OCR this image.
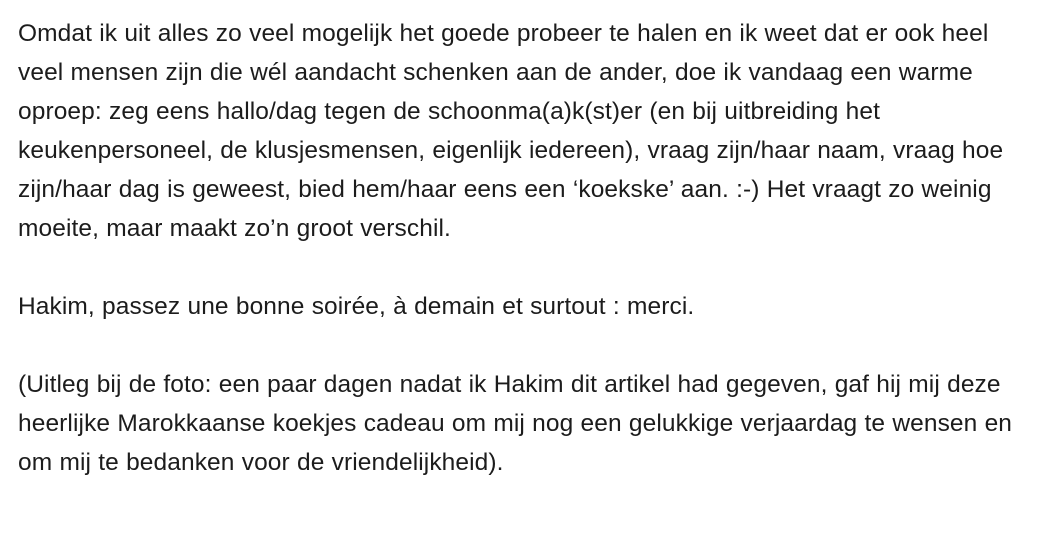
Omdat ik uit alles zo veel mogelijk het goede probeer te halen en ik weet dat er ook heel veel mensen zijn die wél aandacht schenken aan de ander, doe ik vandaag een warme oproep: zeg eens hallo/dag tegen de schoonma(a)k(st)er (en bij uitbreiding het keukenpersoneel, de klusjesmensen, eigenlijk iedereen), vraag zijn/haar naam, vraag hoe zijn/haar dag is geweest, bied hem/haar eens een ‘koekske’ aan. :-) Het vraagt zo weinig moeite, maar maakt zo’n groot verschil.

Hakim, passez une bonne soirée, à demain et surtout : merci.

(Uitleg bij de foto: een paar dagen nadat ik Hakim dit artikel had gegeven, gaf hij mij deze heerlijke Marokkaanse koekjes cadeau om mij nog een gelukkige verjaardag te wensen en om mij te bedanken voor de vriendelijkheid).
